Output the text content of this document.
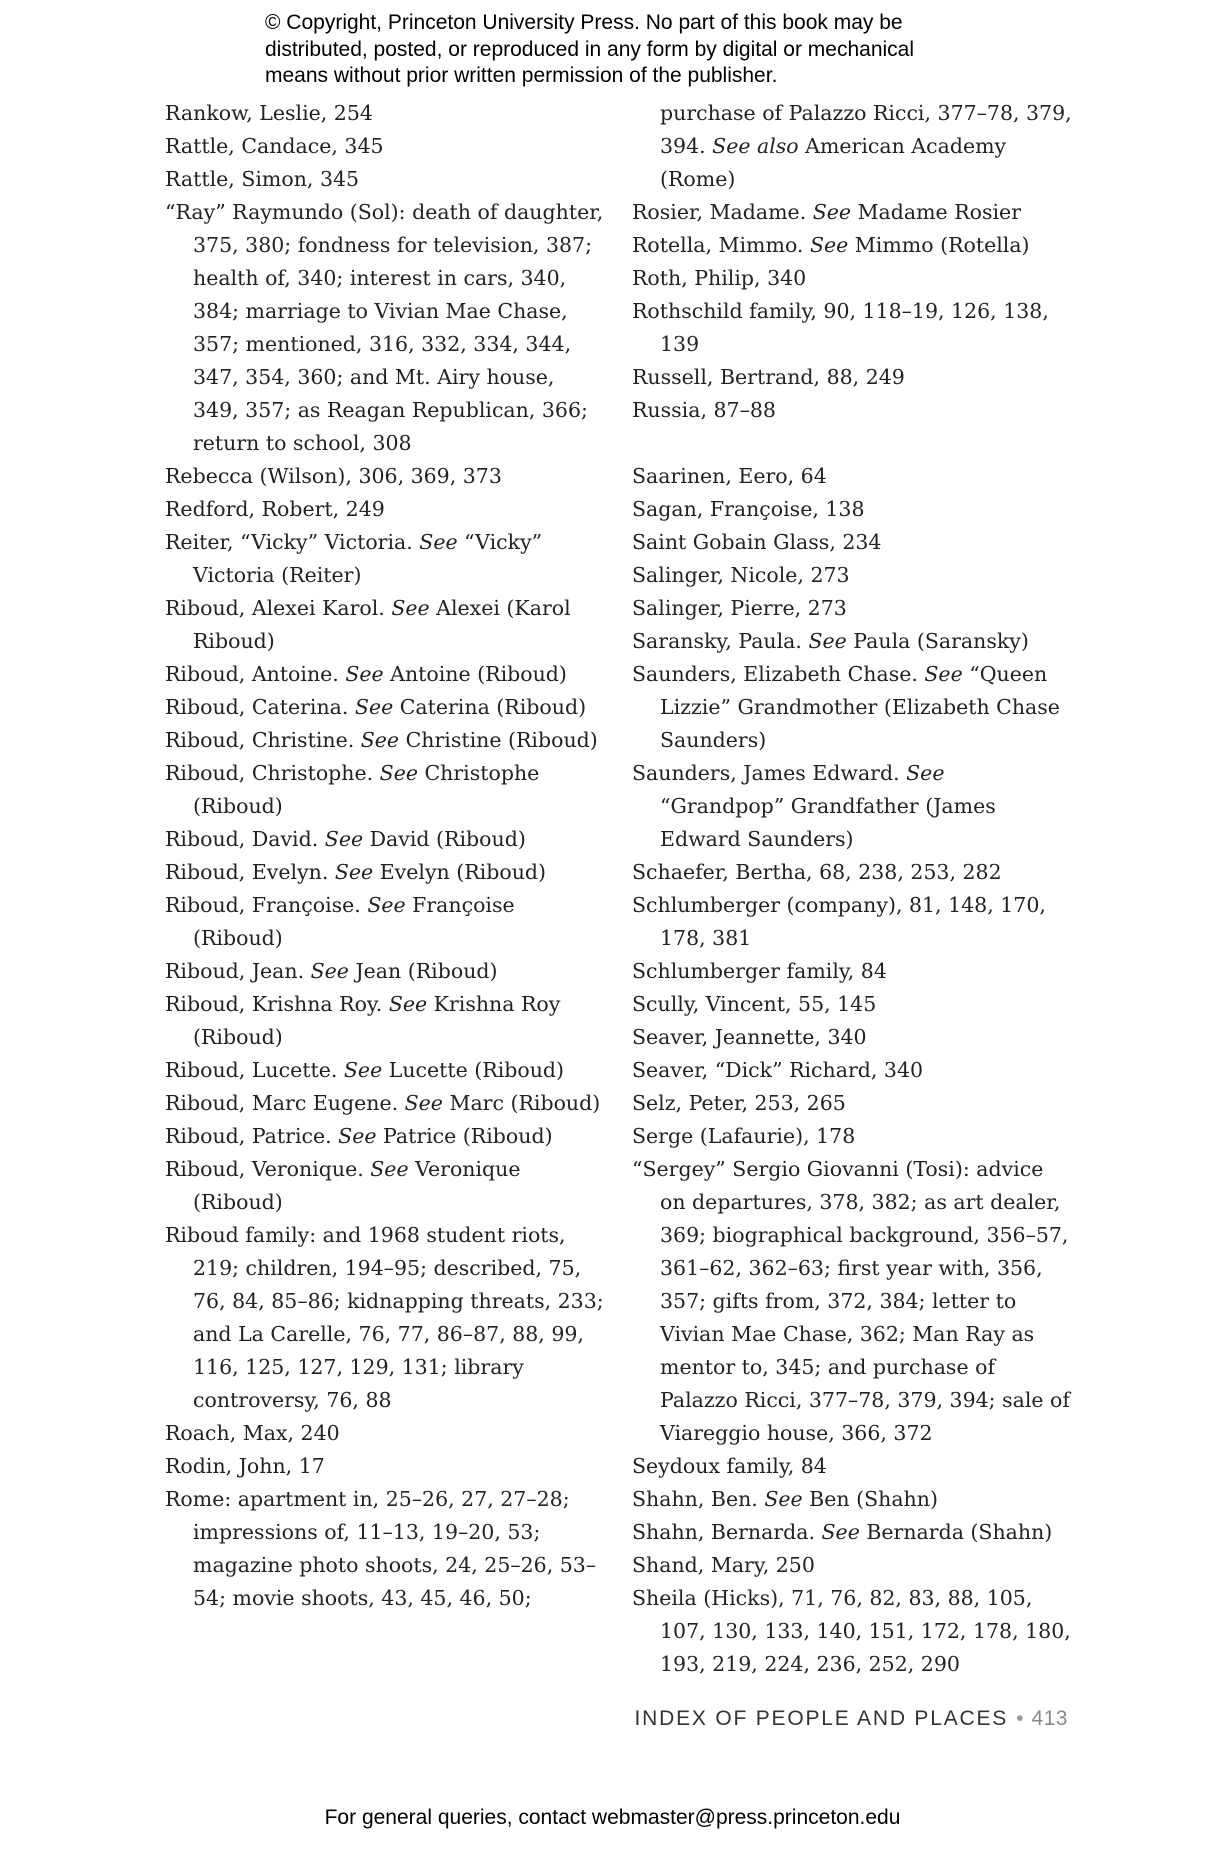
© Copyright, Princeton University Press. No part of this book may be
distributed, posted, or reproduced in any form by digital or mechanical
means without prior written permission of the publisher.
Rankow, Leslie, 254
Rattle, Candace, 345
Rattle, Simon, 345
“Ray” Raymundo (Sol): death of daughter, 375, 380; fondness for television, 387; health of, 340; interest in cars, 340, 384; marriage to Vivian Mae Chase, 357; mentioned, 316, 332, 334, 344, 347, 354, 360; and Mt. Airy house, 349, 357; as Reagan Republican, 366; return to school, 308
Rebecca (Wilson), 306, 369, 373
Redford, Robert, 249
Reiter, “Vicky” Victoria. See “Vicky” Victoria (Reiter)
Riboud, Alexei Karol. See Alexei (Karol Riboud)
Riboud, Antoine. See Antoine (Riboud)
Riboud, Caterina. See Caterina (Riboud)
Riboud, Christine. See Christine (Riboud)
Riboud, Christophe. See Christophe (Riboud)
Riboud, David. See David (Riboud)
Riboud, Evelyn. See Evelyn (Riboud)
Riboud, Françoise. See Françoise (Riboud)
Riboud, Jean. See Jean (Riboud)
Riboud, Krishna Roy. See Krishna Roy (Riboud)
Riboud, Lucette. See Lucette (Riboud)
Riboud, Marc Eugene. See Marc (Riboud)
Riboud, Patrice. See Patrice (Riboud)
Riboud, Veronique. See Veronique (Riboud)
Riboud family: and 1968 student riots, 219; children, 194–95; described, 75, 76, 84, 85–86; kidnapping threats, 233; and La Carelle, 76, 77, 86–87, 88, 99, 116, 125, 127, 129, 131; library controversy, 76, 88
Roach, Max, 240
Rodin, John, 17
Rome: apartment in, 25–26, 27, 27–28; impressions of, 11–13, 19–20, 53; magazine photo shoots, 24, 25–26, 53–54; movie shoots, 43, 45, 46, 50;
purchase of Palazzo Ricci, 377–78, 379, 394. See also American Academy (Rome)
Rosier, Madame. See Madame Rosier
Rotella, Mimmo. See Mimmo (Rotella)
Roth, Philip, 340
Rothschild family, 90, 118–19, 126, 138, 139
Russell, Bertrand, 88, 249
Russia, 87–88
Saarinen, Eero, 64
Sagan, Françoise, 138
Saint Gobain Glass, 234
Salinger, Nicole, 273
Salinger, Pierre, 273
Saransky, Paula. See Paula (Saransky)
Saunders, Elizabeth Chase. See “Queen Lizzie” Grandmother (Elizabeth Chase Saunders)
Saunders, James Edward. See “Grandpop” Grandfather (James Edward Saunders)
Schaefer, Bertha, 68, 238, 253, 282
Schlumberger (company), 81, 148, 170, 178, 381
Schlumberger family, 84
Scully, Vincent, 55, 145
Seaver, Jeannette, 340
Seaver, “Dick” Richard, 340
Selz, Peter, 253, 265
Serge (Lafaurie), 178
“Sergey” Sergio Giovanni (Tosi): advice on departures, 378, 382; as art dealer, 369; biographical background, 356–57, 361–62, 362–63; first year with, 356, 357; gifts from, 372, 384; letter to Vivian Mae Chase, 362; Man Ray as mentor to, 345; and purchase of Palazzo Ricci, 377–78, 379, 394; sale of Viareggio house, 366, 372
Seydoux family, 84
Shahn, Ben. See Ben (Shahn)
Shahn, Bernarda. See Bernarda (Shahn)
Shand, Mary, 250
Sheila (Hicks), 71, 76, 82, 83, 88, 105, 107, 130, 133, 140, 151, 172, 178, 180, 193, 219, 224, 236, 252, 290
INDEX OF PEOPLE AND PLACES • 413
For general queries, contact webmaster@press.princeton.edu
